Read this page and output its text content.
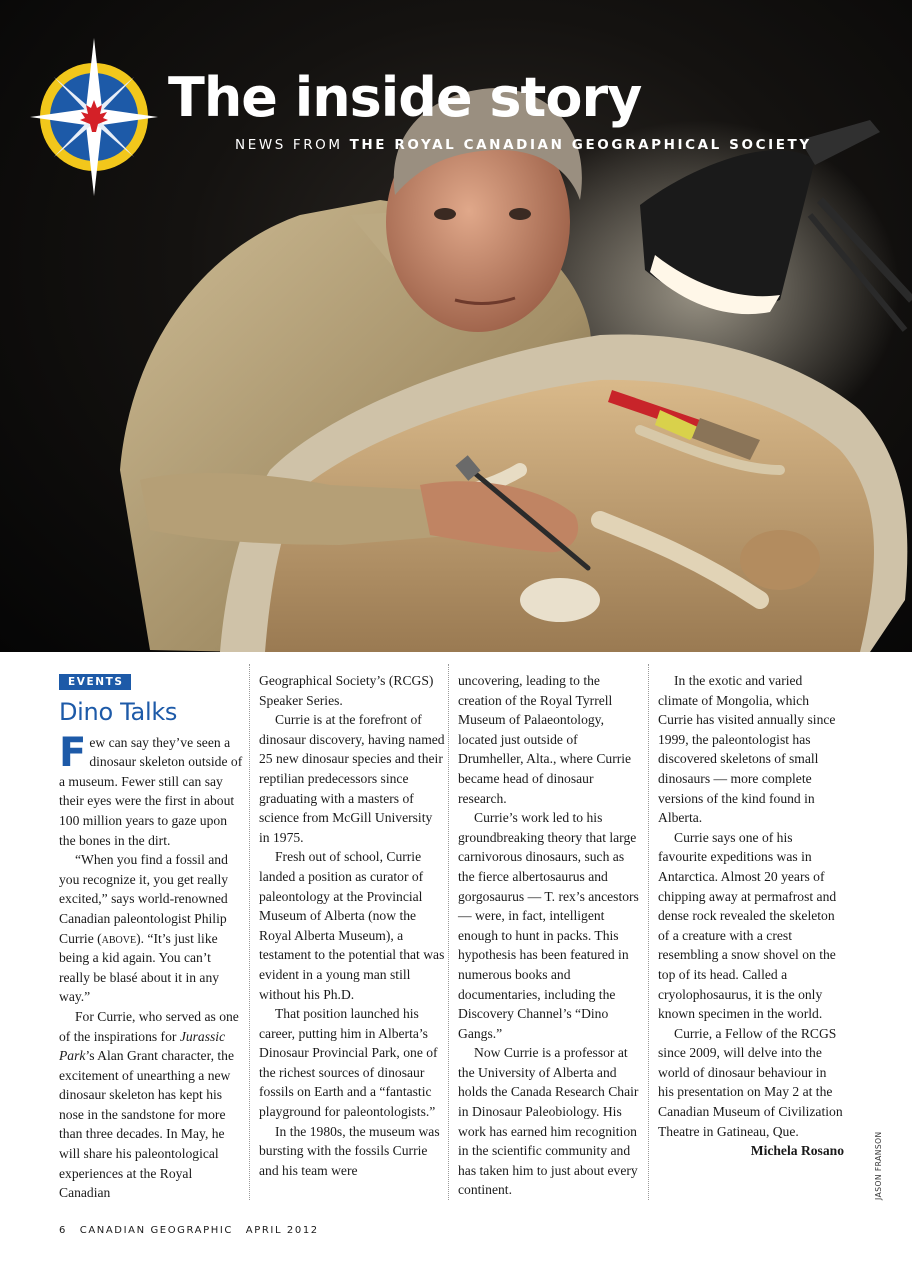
The inside story
NEWS FROM THE ROYAL CANADIAN GEOGRAPHICAL SOCIETY
EVENTS
Dino Talks

Few can say they’ve seen a dinosaur skeleton outside of a museum. Fewer still can say their eyes were the first in about 100 million years to gaze upon the bones in the dirt.

“When you find a fossil and you recognize it, you get really excited,” says world-renowned Canadian paleontologist Philip Currie (above). “It’s just like being a kid again. You can’t really be blasé about it in any way.”

For Currie, who served as one of the inspirations for Jurassic Park’s Alan Grant character, the excitement of unearthing a new dinosaur skeleton has kept his nose in the sandstone for more than three decades. In May, he will share his paleontological experiences at the Royal Canadian

Geographical Society’s (RCGS) Speaker Series.

Currie is at the forefront of dinosaur discovery, having named 25 new dinosaur species and their reptilian predecessors since graduating with a masters of science from McGill University in 1975.

Fresh out of school, Currie landed a position as curator of paleontology at the Provincial Museum of Alberta (now the Royal Alberta Museum), a testament to the potential that was evident in a young man still without his Ph.D.

That position launched his career, putting him in Alberta’s Dinosaur Provincial Park, one of the richest sources of dinosaur fossils on Earth and a “fantastic playground for paleontologists.”

In the 1980s, the museum was bursting with the fossils Currie and his team were

uncovering, leading to the creation of the Royal Tyrrell Museum of Palaeontology, located just outside of Drumheller, Alta., where Currie became head of dinosaur research.

Currie’s work led to his groundbreaking theory that large carnivorous dinosaurs, such as the fierce albertosaurus and gorgosaurus — T. rex’s ancestors — were, in fact, intelligent enough to hunt in packs. This hypothesis has been featured in numerous books and documentaries, including the Discovery Channel’s “Dino Gangs.”

Now Currie is a professor at the University of Alberta and holds the Canada Research Chair in Dinosaur Paleobiology. His work has earned him recognition in the scientific community and has taken him to just about every continent.

In the exotic and varied climate of Mongolia, which Currie has visited annually since 1999, the paleontologist has discovered skeletons of small dinosaurs — more complete versions of the kind found in Alberta.

Currie says one of his favourite expeditions was in Antarctica. Almost 20 years of chipping away at permafrost and dense rock revealed the skeleton of a creature with a crest resembling a snow shovel on the top of its head. Called a cryolophosaurus, it is the only known specimen in the world.

Currie, a Fellow of the RCGS since 2009, will delve into the world of dinosaur behaviour in his presentation on May 2 at the Canadian Museum of Civilization Theatre in Gatineau, Que.

Michela Rosano	JASON FRANSON
6 CANADIAN GEOGRAPHIC APRIL 2012
